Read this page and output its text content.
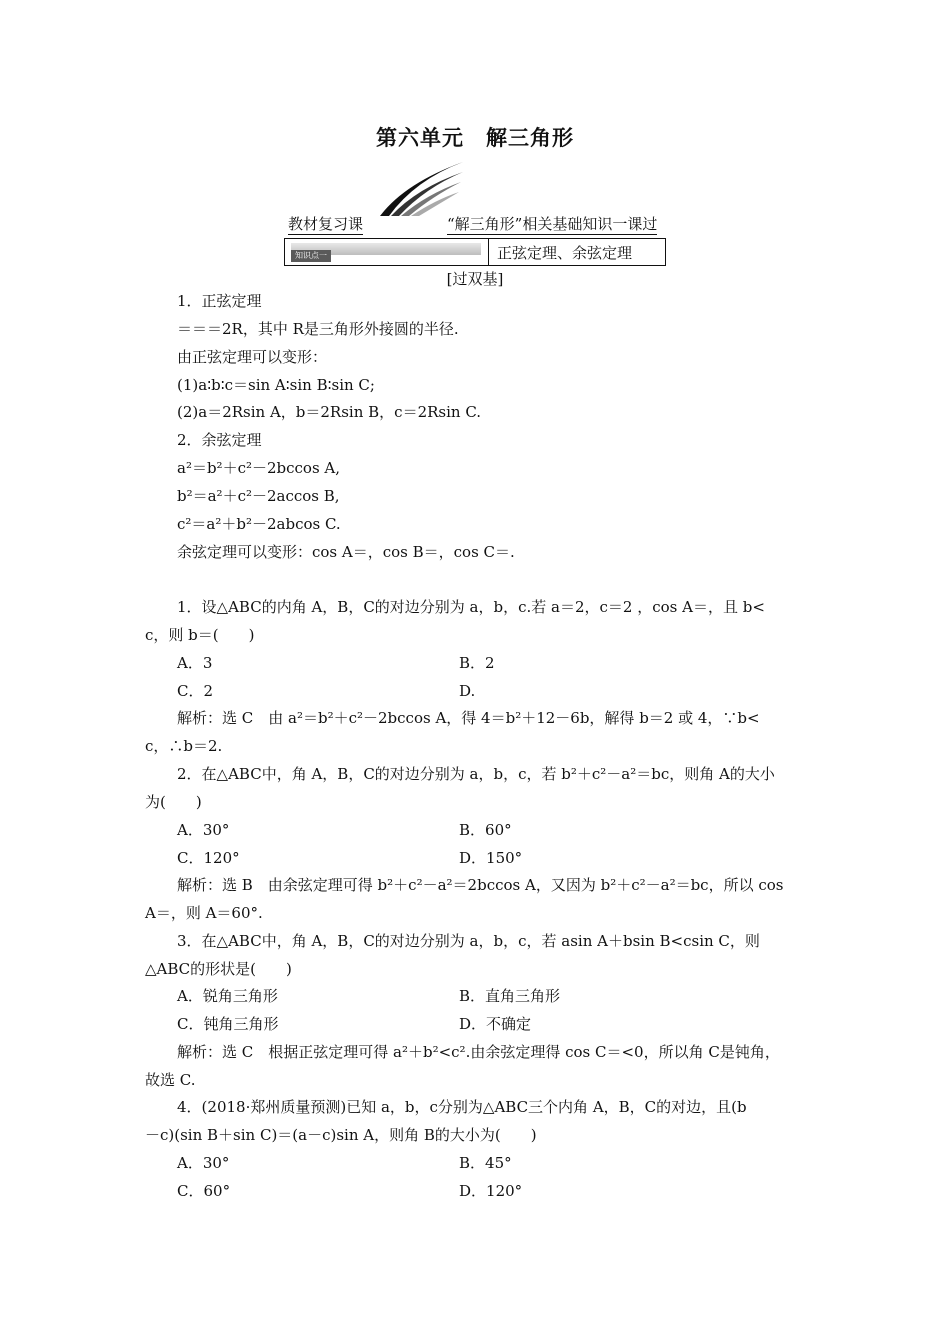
第六单元 解三角形
教材复习课	“解三角形”相关基础知识一课过
知识点一	正弦定理、余弦定理
[过双基]
1．正弦定理
＝＝＝2R，其中 R是三角形外接圆的半径.
由正弦定理可以变形：
(1)a∶b∶c＝sin A∶sin B∶sin C;
(2)a＝2Rsin A，b＝2Rsin B，c＝2Rsin C.
2．余弦定理
a²＝b²＋c²－2bccos A,
b²＝a²＋c²－2accos B,
c²＝a²＋b²－2abcos C.
余弦定理可以变形：cos A＝，cos B＝，cos C＝.
1．设△ABC的内角 A，B，C的对边分别为 a，b，c.若 a＝2，c＝2 ，cos A＝，且 b<
c，则 b＝(　　)
A．3	B．2
C．2	D.
解析：选 C　由 a²＝b²＋c²－2bccos A，得 4＝b²＋12－6b，解得 b＝2 或 4，∵b<
c，∴b＝2.
2．在△ABC中，角 A，B，C的对边分别为 a，b，c，若 b²＋c²－a²＝bc，则角 A的大小
为(　　)
A．30°	B．60°
C．120°	D．150°
解析：选 B　由余弦定理可得 b²＋c²－a²＝2bccos A，又因为 b²＋c²－a²＝bc，所以 cos
A＝，则 A＝60°.
3．在△ABC中，角 A，B，C的对边分别为 a，b，c，若 asin A＋bsin B<csin C，则
△ABC的形状是(　　)
A．锐角三角形	B．直角三角形
C．钝角三角形	D．不确定
解析：选 C　根据正弦定理可得 a²＋b²<c².由余弦定理得 cos C＝<0，所以角 C是钝角，
故选 C.
4．(2018·郑州质量预测)已知 a，b，c分别为△ABC三个内角 A，B，C的对边，且(b
－c)(sin B＋sin C)＝(a－c)sin A，则角 B的大小为(　　)
A．30°	B．45°
C．60°	D．120°
